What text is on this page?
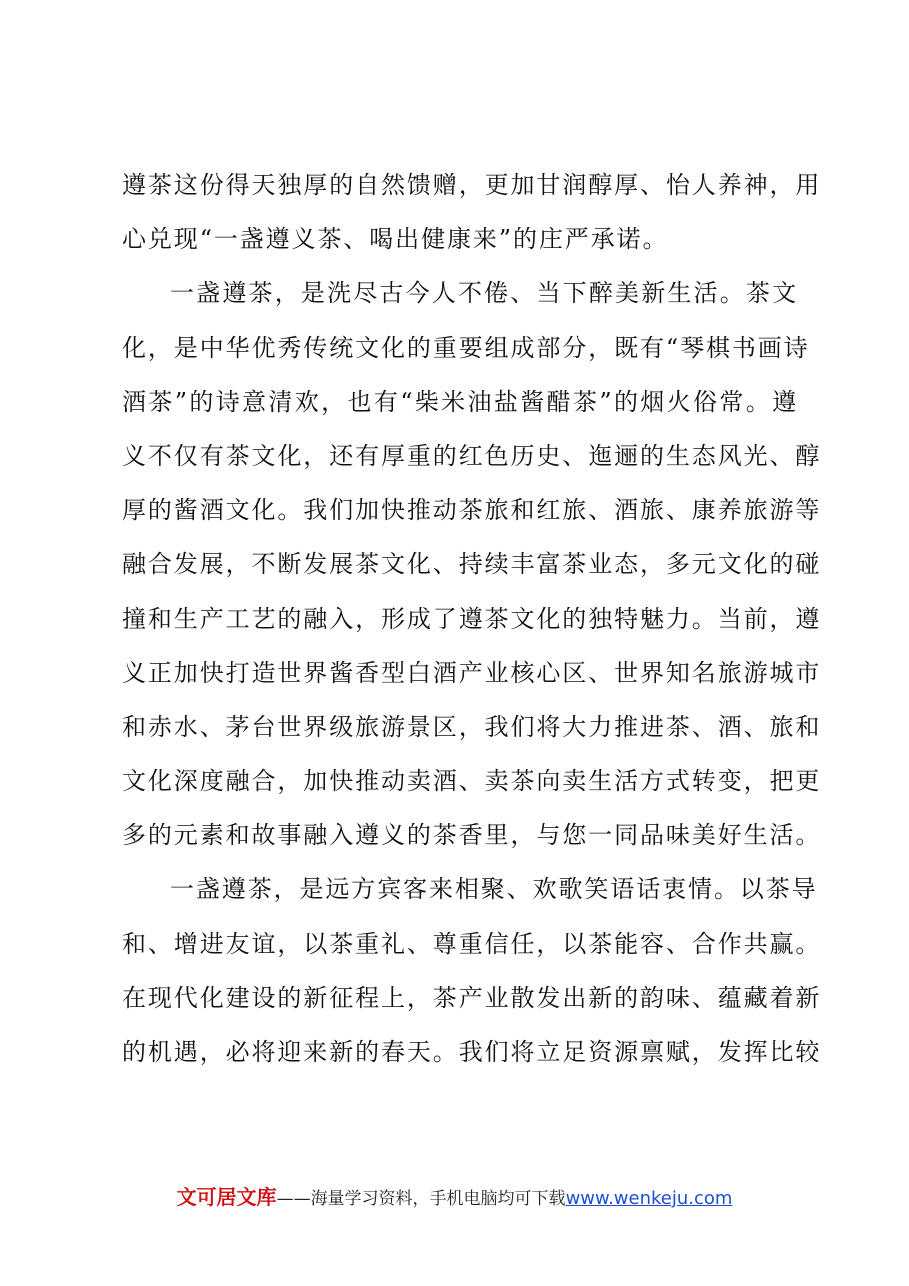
遵茶这份得天独厚的自然馈赠，更加甘润醇厚、怡人养神，用
心兑现“一盏遵义茶、喝出健康来”的庄严承诺。
一盏遵茶，是洗尽古今人不倦、当下醉美新生活。茶文
化，是中华优秀传统文化的重要组成部分，既有“琴棋书画诗
酒茶”的诗意清欢，也有“柴米油盐酱醋茶”的烟火俗常。遵
义不仅有茶文化，还有厚重的红色历史、迤逦的生态风光、醇
厚的酱酒文化。我们加快推动茶旅和红旅、酒旅、康养旅游等
融合发展，不断发展茶文化、持续丰富茶业态，多元文化的碰
撞和生产工艺的融入，形成了遵茶文化的独特魅力。当前，遵
义正加快打造世界酱香型白酒产业核心区、世界知名旅游城市
和赤水、茅台世界级旅游景区，我们将大力推进茶、酒、旅和
文化深度融合，加快推动卖酒、卖茶向卖生活方式转变，把更
多的元素和故事融入遵义的茶香里，与您一同品味美好生活。
一盏遵茶，是远方宾客来相聚、欢歌笑语话衷情。以茶导
和、增进友谊，以茶重礼、尊重信任，以茶能容、合作共赢。
在现代化建设的新征程上，茶产业散发出新的韵味、蕴藏着新
的机遇，必将迎来新的春天。我们将立足资源禀赋，发挥比较
文可居文库——海量学习资料，手机电脑均可下载www.wenkeju.com
